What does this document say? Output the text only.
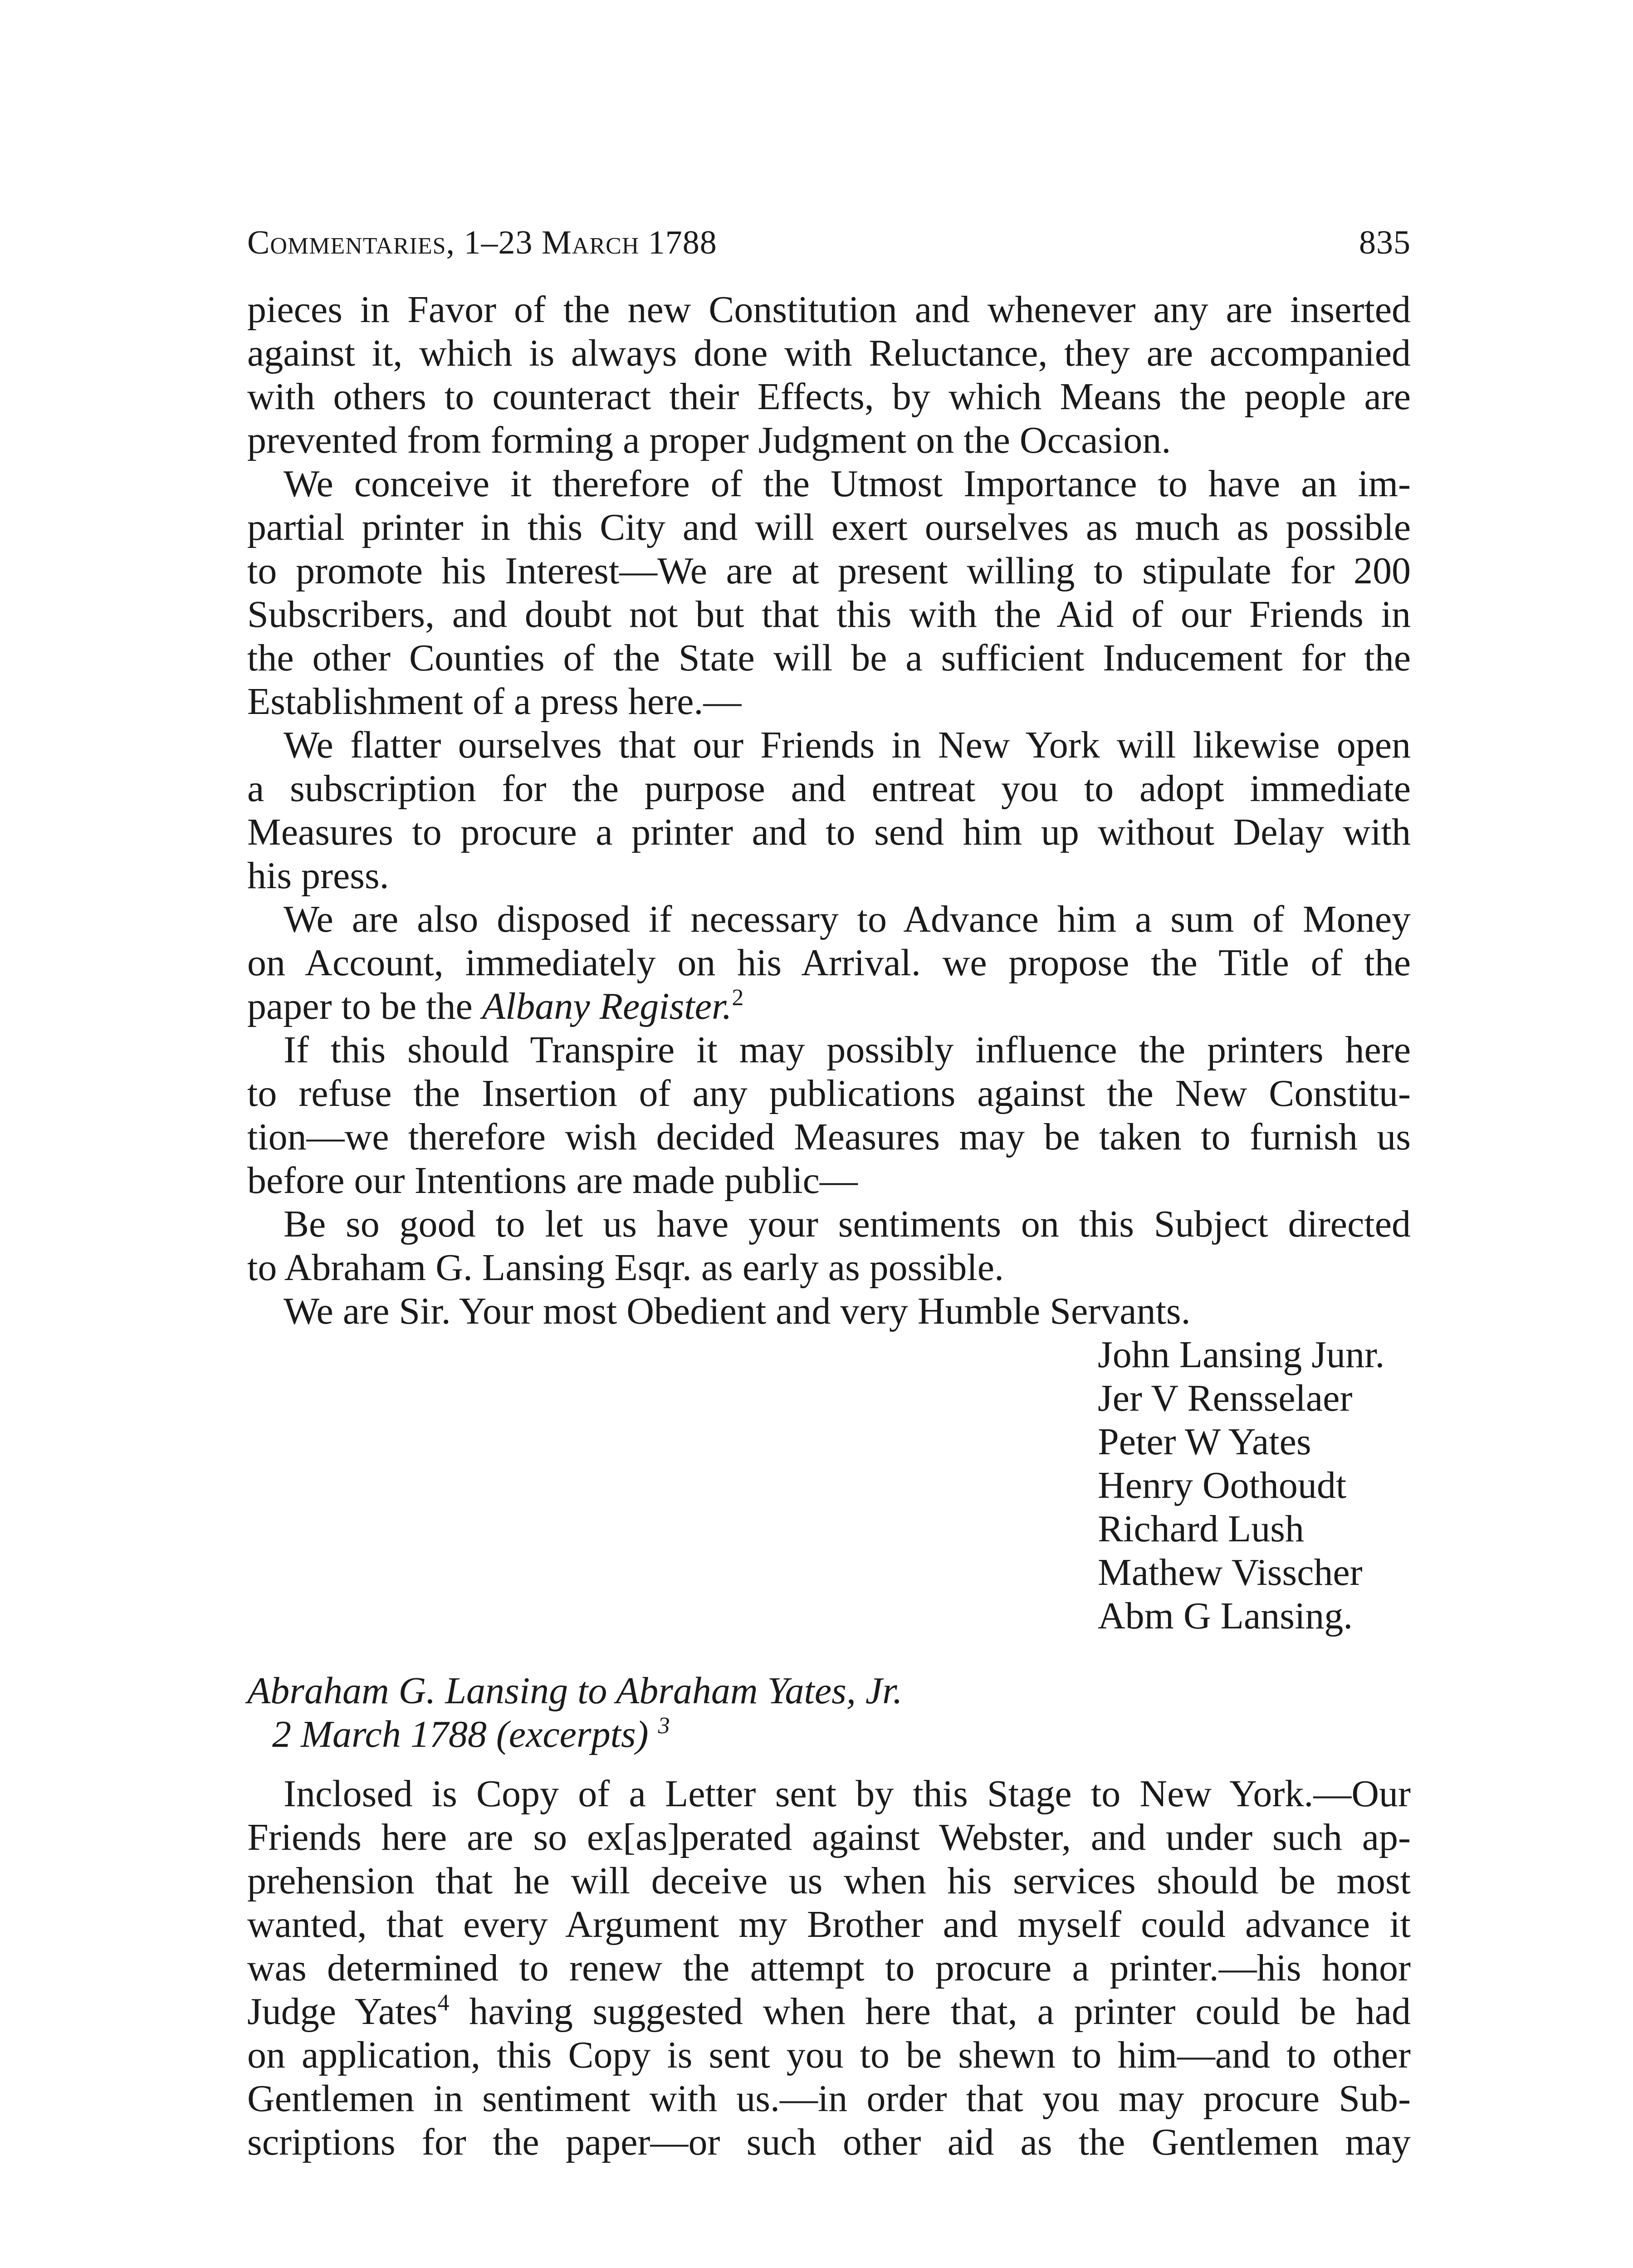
Commentaries, 1–23 March 1788	835
pieces in Favor of the new Constitution and whenever any are inserted
against it, which is always done with Reluctance, they are accompanied
with others to counteract their Effects, by which Means the people are
prevented from forming a proper Judgment on the Occasion.
We conceive it therefore of the Utmost Importance to have an im-
partial printer in this City and will exert ourselves as much as possible
to promote his Interest—We are at present willing to stipulate for 200
Subscribers, and doubt not but that this with the Aid of our Friends in
the other Counties of the State will be a sufficient Inducement for the
Establishment of a press here.—
We flatter ourselves that our Friends in New York will likewise open
a subscription for the purpose and entreat you to adopt immediate
Measures to procure a printer and to send him up without Delay with
his press.
We are also disposed if necessary to Advance him a sum of Money
on Account, immediately on his Arrival. we propose the Title of the
paper to be the Albany Register.$^2$
If this should Transpire it may possibly influence the printers here
to refuse the Insertion of any publications against the New Constitu-
tion—we therefore wish decided Measures may be taken to furnish us
before our Intentions are made public—
Be so good to let us have your sentiments on this Subject directed
to Abraham G. Lansing Esqr. as early as possible.
We are Sir. Your most Obedient and very Humble Servants.
John Lansing Junr.
Jer V Rensselaer
Peter W Yates
Henry Oothoudt
Richard Lush
Mathew Visscher
Abm G Lansing.
Abraham G. Lansing to Abraham Yates, Jr.
2 March 1788 (excerpts) $^3$
Inclosed is Copy of a Letter sent by this Stage to New York.—Our
Friends here are so ex[as]perated against Webster, and under such ap-
prehension that he will deceive us when his services should be most
wanted, that every Argument my Brother and myself could advance it
was determined to renew the attempt to procure a printer.—his honor
Judge Yates$^4$ having suggested when here that, a printer could be had
on application, this Copy is sent you to be shewn to him—and to other
Gentlemen in sentiment with us.—in order that you may procure Sub-
scriptions for the paper—or such other aid as the Gentlemen may
